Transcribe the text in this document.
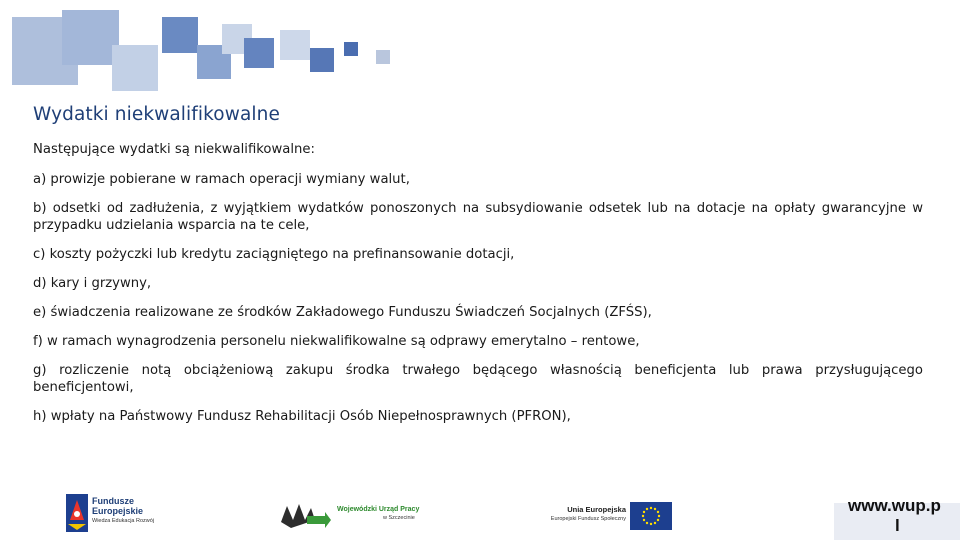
Wydatki niekwalifikowalne

Następujące wydatki są niekwalifikowalne:

a) prowizje pobierane w ramach operacji wymiany walut,

b) odsetki od zadłużenia, z wyjątkiem wydatków ponoszonych na subsydiowanie odsetek lub na dotacje na opłaty gwarancyjne w przypadku udzielania wsparcia na te cele,

c) koszty pożyczki lub kredytu zaciągniętego na prefinansowanie dotacji,

d) kary i grzywny,

e) świadczenia realizowane ze środków Zakładowego Funduszu Świadczeń Socjalnych (ZFŚS),

f) w ramach wynagrodzenia personelu niekwalifikowalne są odprawy emerytalno – rentowe,

g) rozliczenie notą obciążeniową zakupu środka trwałego będącego własnością beneficjenta lub prawa przysługującego beneficjentowi,

h) wpłaty na Państwowy Fundusz Rehabilitacji Osób Niepełnosprawnych (PFRON),

Fundusze
Europejskie
Wiedza Edukacja Rozwój
Wojewódzki Urząd Pracy
w Szczecinie
Unia Europejska
Europejski Fundusz Społeczny
www.wup.p
l
